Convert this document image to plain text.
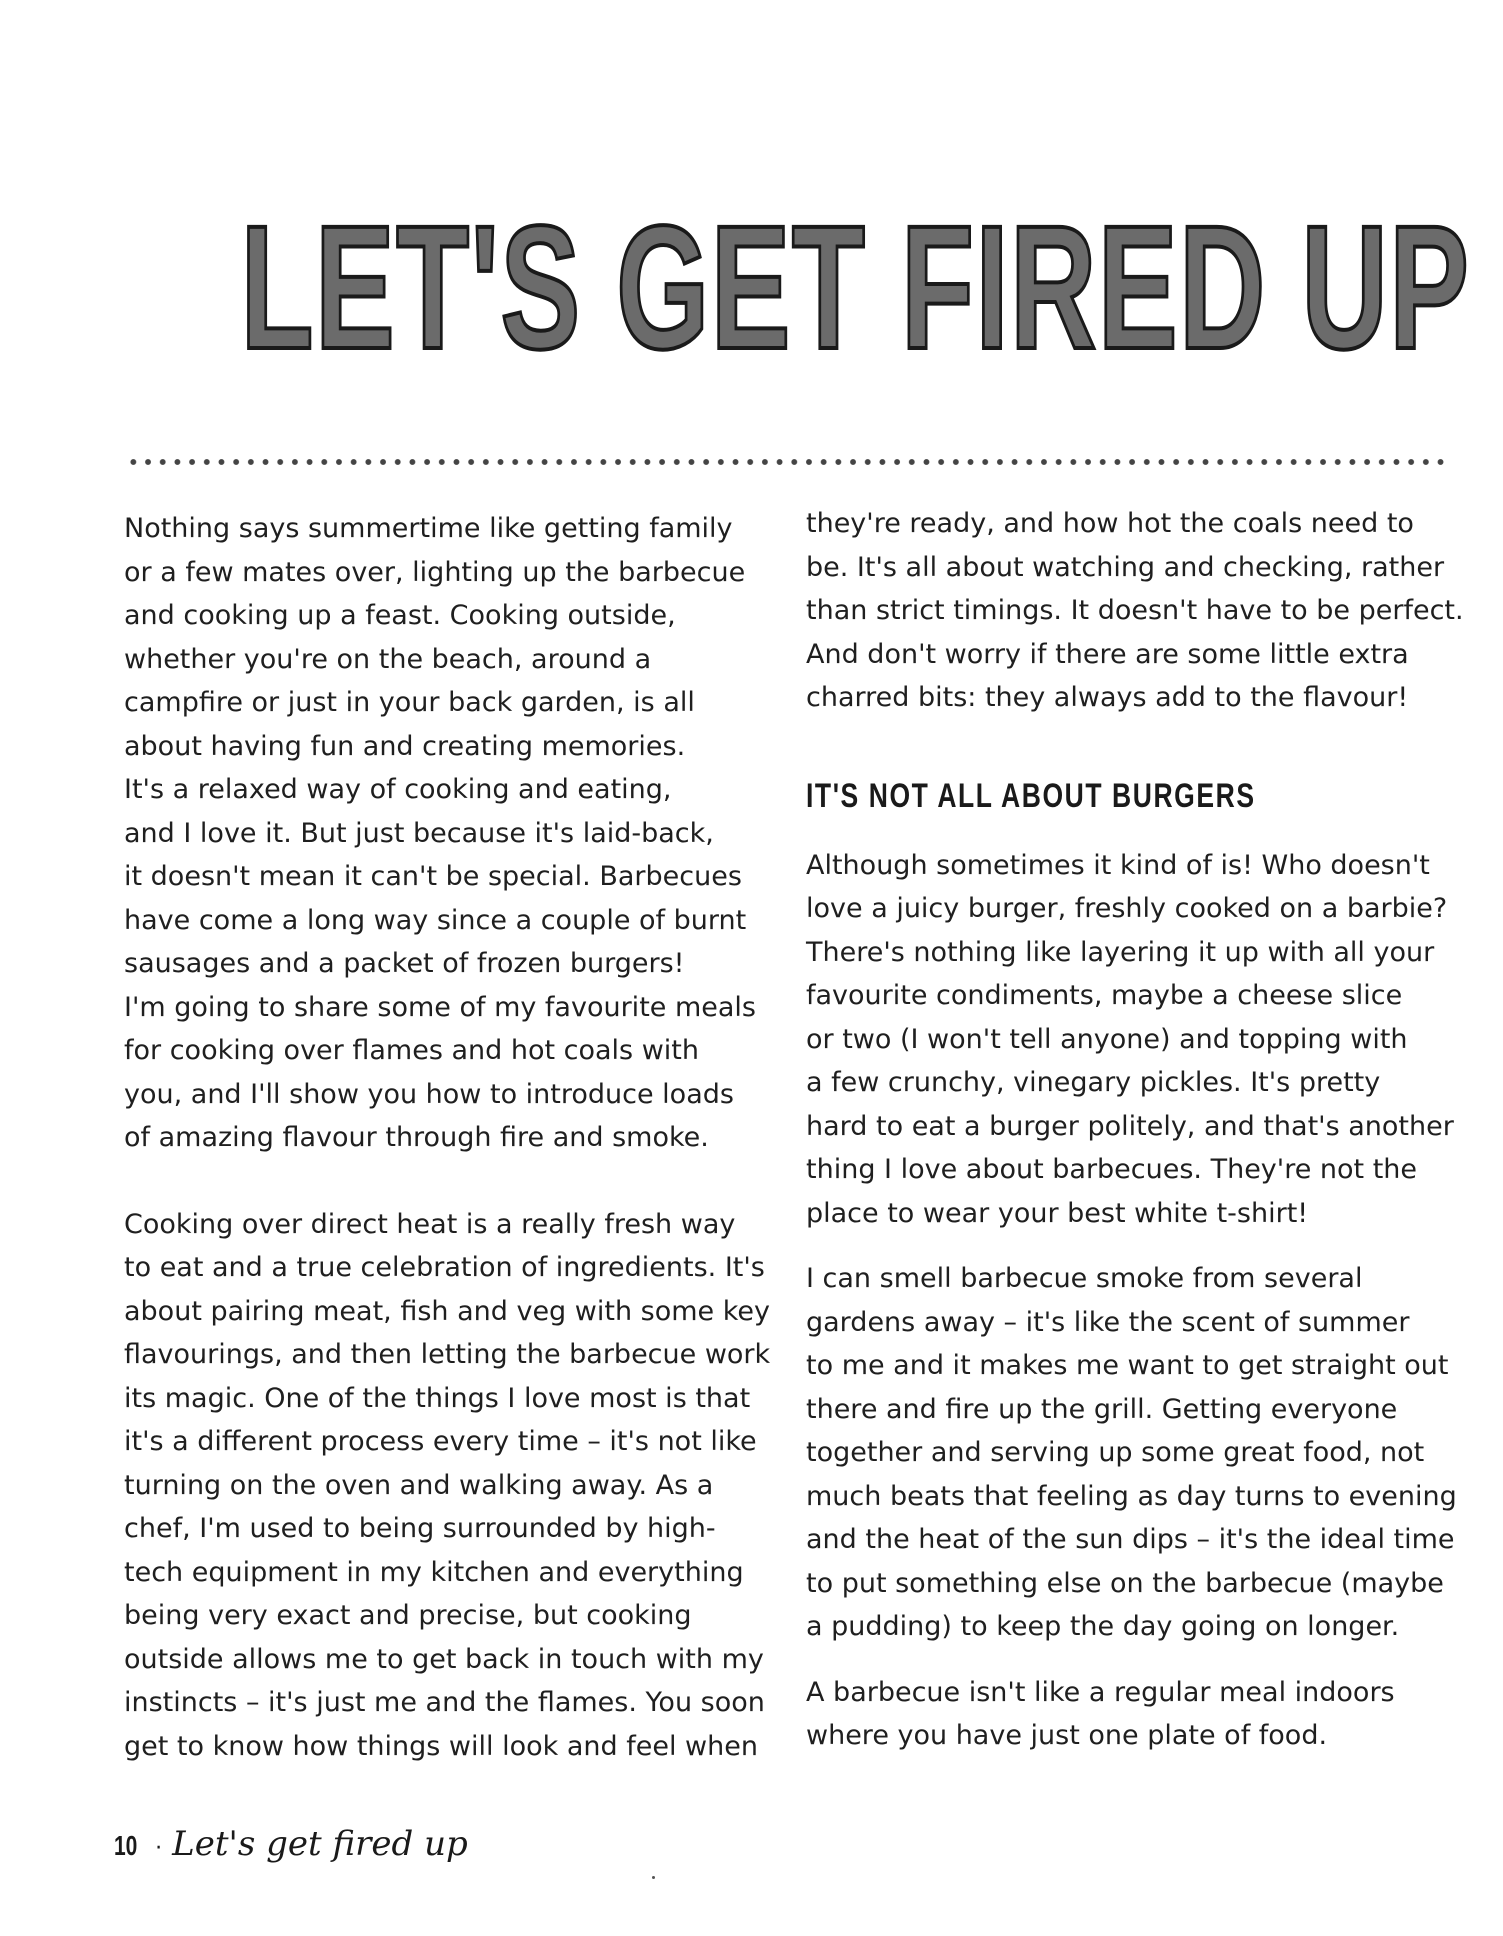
LET'S GET FIRED UP

Nothing says summertime like getting family

or a few mates over, lighting up the barbecue

and cooking up a feast. Cooking outside,

whether you're on the beach, around a

campfire or just in your back garden, is all

about having fun and creating memories.

It's a relaxed way of cooking and eating,

and I love it. But just because it's laid-back,

it doesn't mean it can't be special. Barbecues

have come a long way since a couple of burnt

sausages and a packet of frozen burgers!

I'm going to share some of my favourite meals

for cooking over flames and hot coals with

you, and I'll show you how to introduce loads

of amazing flavour through fire and smoke.

Cooking over direct heat is a really fresh way

to eat and a true celebration of ingredients. It's

about pairing meat, fish and veg with some key

flavourings, and then letting the barbecue work

its magic. One of the things I love most is that

it's a different process every time – it's not like

turning on the oven and walking away. As a

chef, I'm used to being surrounded by high-

tech equipment in my kitchen and everything

being very exact and precise, but cooking

outside allows me to get back in touch with my

instincts – it's just me and the flames. You soon

get to know how things will look and feel when

they're ready, and how hot the coals need to

be. It's all about watching and checking, rather

than strict timings. It doesn't have to be perfect.

And don't worry if there are some little extra

charred bits: they always add to the flavour!

IT'S NOT ALL ABOUT BURGERS

Although sometimes it kind of is! Who doesn't

love a juicy burger, freshly cooked on a barbie?

There's nothing like layering it up with all your

favourite condiments, maybe a cheese slice

or two (I won't tell anyone) and topping with

a few crunchy, vinegary pickles. It's pretty

hard to eat a burger politely, and that's another

thing I love about barbecues. They're not the

place to wear your best white t-shirt!

I can smell barbecue smoke from several

gardens away – it's like the scent of summer

to me and it makes me want to get straight out

there and fire up the grill. Getting everyone

together and serving up some great food, not

much beats that feeling as day turns to evening

and the heat of the sun dips – it's the ideal time

to put something else on the barbecue (maybe

a pudding) to keep the day going on longer.

A barbecue isn't like a regular meal indoors

where you have just one plate of food.

10 · Let's get fired up
